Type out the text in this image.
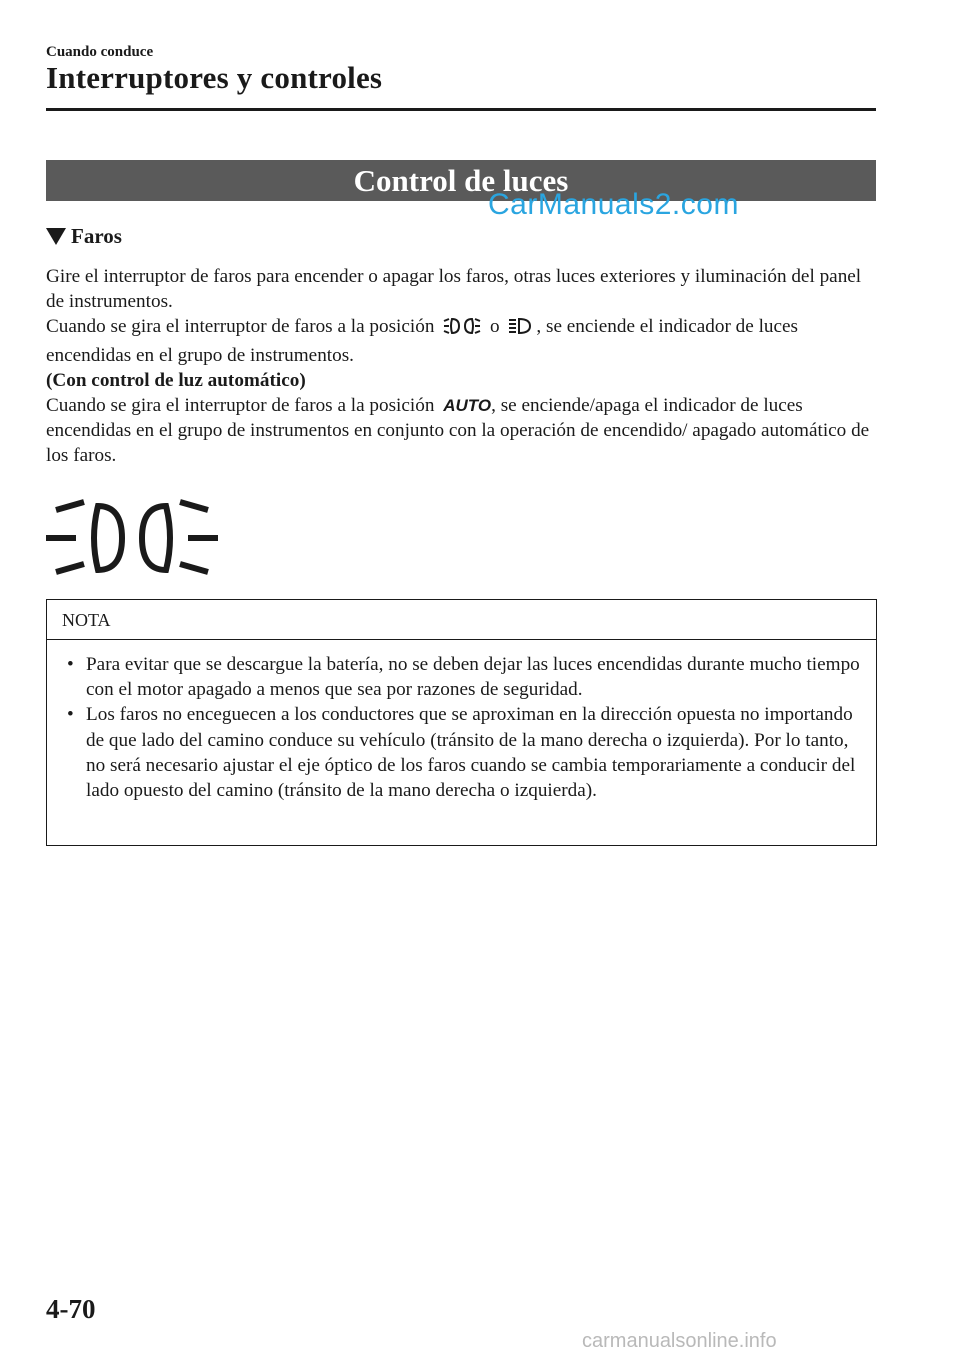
Cuando conduce
Interruptores y controles
Control de luces
CarManuals2.com
Faros

Gire el interruptor de faros para encender o apagar los faros, otras luces exteriores y iluminación del panel de instrumentos.

Cuando se gira el interruptor de faros a la posición	o , se enciende el indicador de luces encendidas en el grupo de instrumentos.

(Con control de luz automático)

Cuando se gira el interruptor de faros a la posición AUTO, se enciende/apaga el indicador de luces encendidas en el grupo de instrumentos en conjunto con la operación de encendido/ apagado automático de los faros.

NOTA
• Para evitar que se descargue la batería, no se deben dejar las luces encendidas durante mucho tiempo con el motor apagado a menos que sea por razones de seguridad.
• Los faros no enceguecen a los conductores que se aproximan en la dirección opuesta no importando de que lado del camino conduce su vehículo (tránsito de la mano derecha o izquierda). Por lo tanto, no será necesario ajustar el eje óptico de los faros cuando se cambia temporariamente a conducir del lado opuesto del camino (tránsito de la mano derecha o izquierda).
4-70
carmanualsonline.info
